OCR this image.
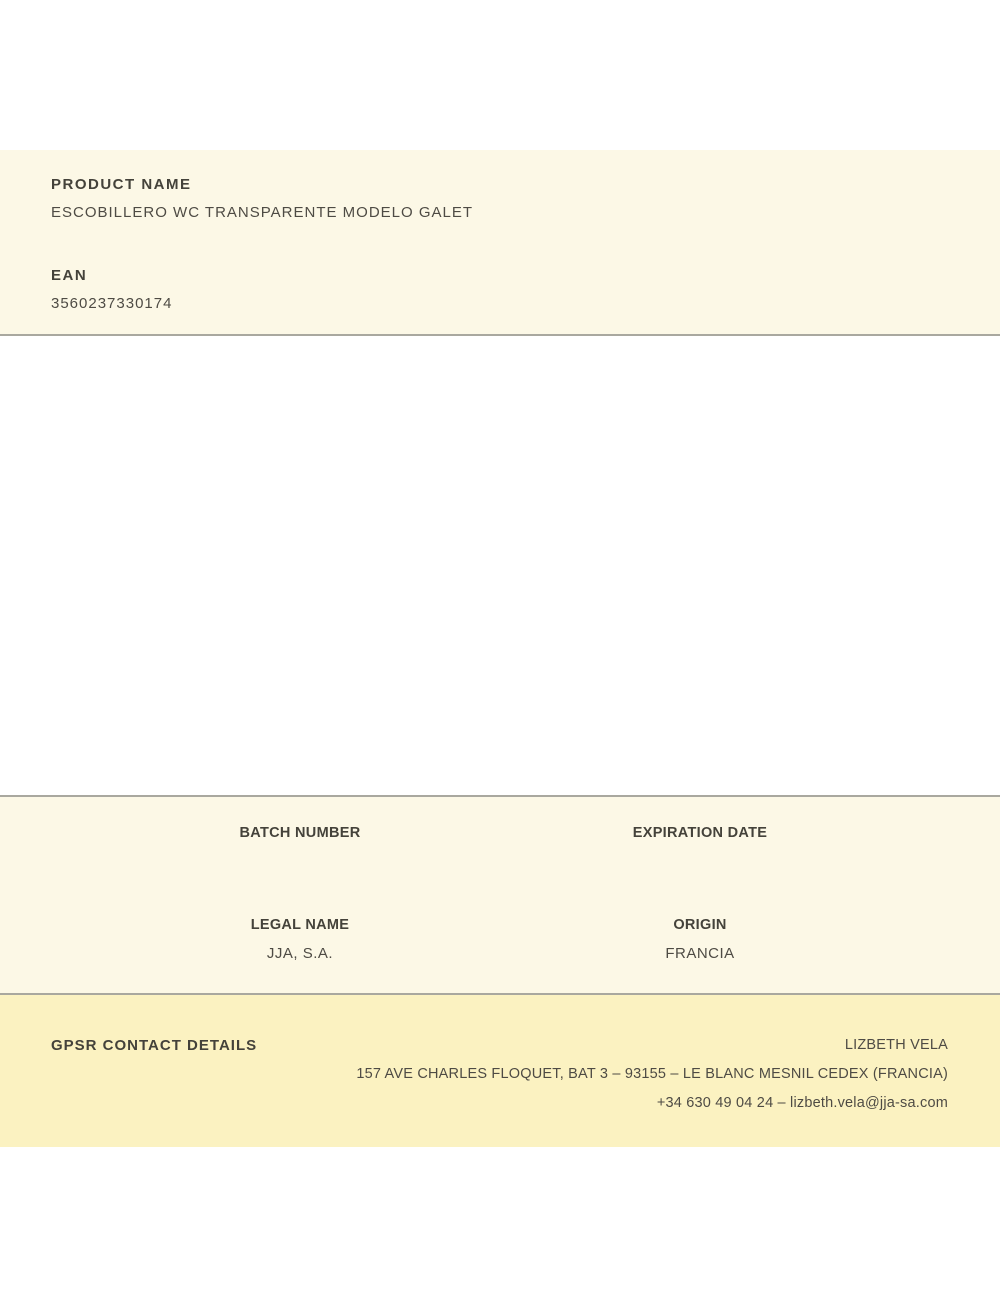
PRODUCT NAME
ESCOBILLERO WC TRANSPARENTE MODELO GALET
EAN
3560237330174
BATCH NUMBER	EXPIRATION DATE
LEGAL NAME
JJA, S.A.
ORIGIN
FRANCIA
GPSR CONTACT DETAILS	LIZBETH VELA
157 AVE CHARLES FLOQUET, BAT 3 – 93155 – LE BLANC MESNIL CEDEX (FRANCIA)
+34 630 49 04 24 – lizbeth.vela@jja-sa.com
